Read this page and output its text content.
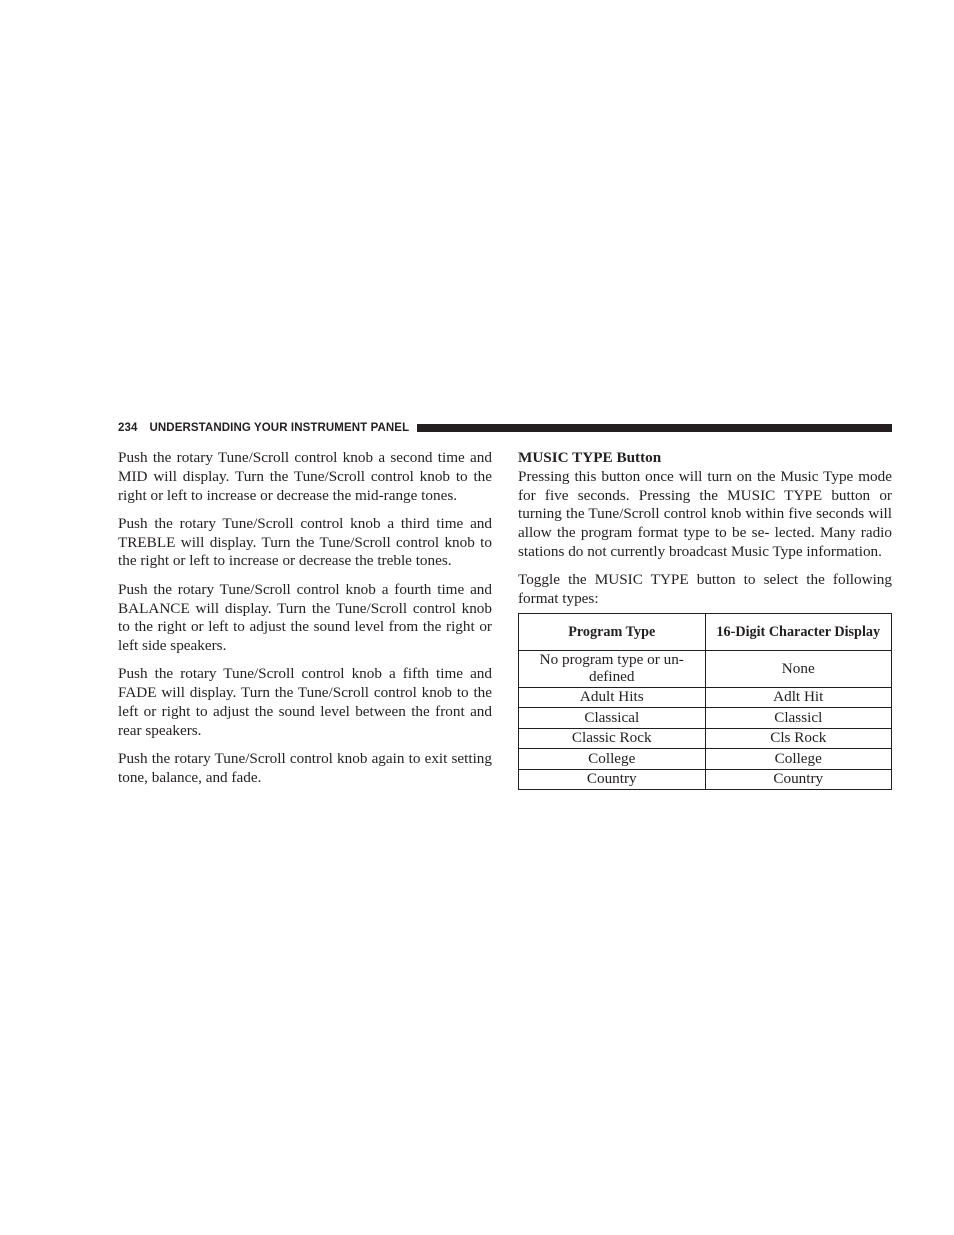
234 UNDERSTANDING YOUR INSTRUMENT PANEL

Push the rotary Tune/Scroll control knob a second time and MID will display. Turn the Tune/Scroll control knob to the right or left to increase or decrease the mid-range tones.

Push the rotary Tune/Scroll control knob a third time and TREBLE will display. Turn the Tune/Scroll control knob to the right or left to increase or decrease the treble tones.

Push the rotary Tune/Scroll control knob a fourth time and BALANCE will display. Turn the Tune/Scroll control knob to the right or left to adjust the sound level from the right or left side speakers.

Push the rotary Tune/Scroll control knob a fifth time and FADE will display. Turn the Tune/Scroll control knob to the left or right to adjust the sound level between the front and rear speakers.

Push the rotary Tune/Scroll control knob again to exit setting tone, balance, and fade.

MUSIC TYPE Button

Pressing this button once will turn on the Music Type mode for five seconds. Pressing the MUSIC TYPE button or turning the Tune/Scroll control knob within five seconds will allow the program format type to be se- lected. Many radio stations do not currently broadcast Music Type information.

Toggle the MUSIC TYPE button to select the following format types:

Program Type	16-Digit Character Display
No program type or un- defined	None
Adult Hits	Adlt Hit
Classical	Classicl
Classic Rock	Cls Rock
College	College
Country	Country
